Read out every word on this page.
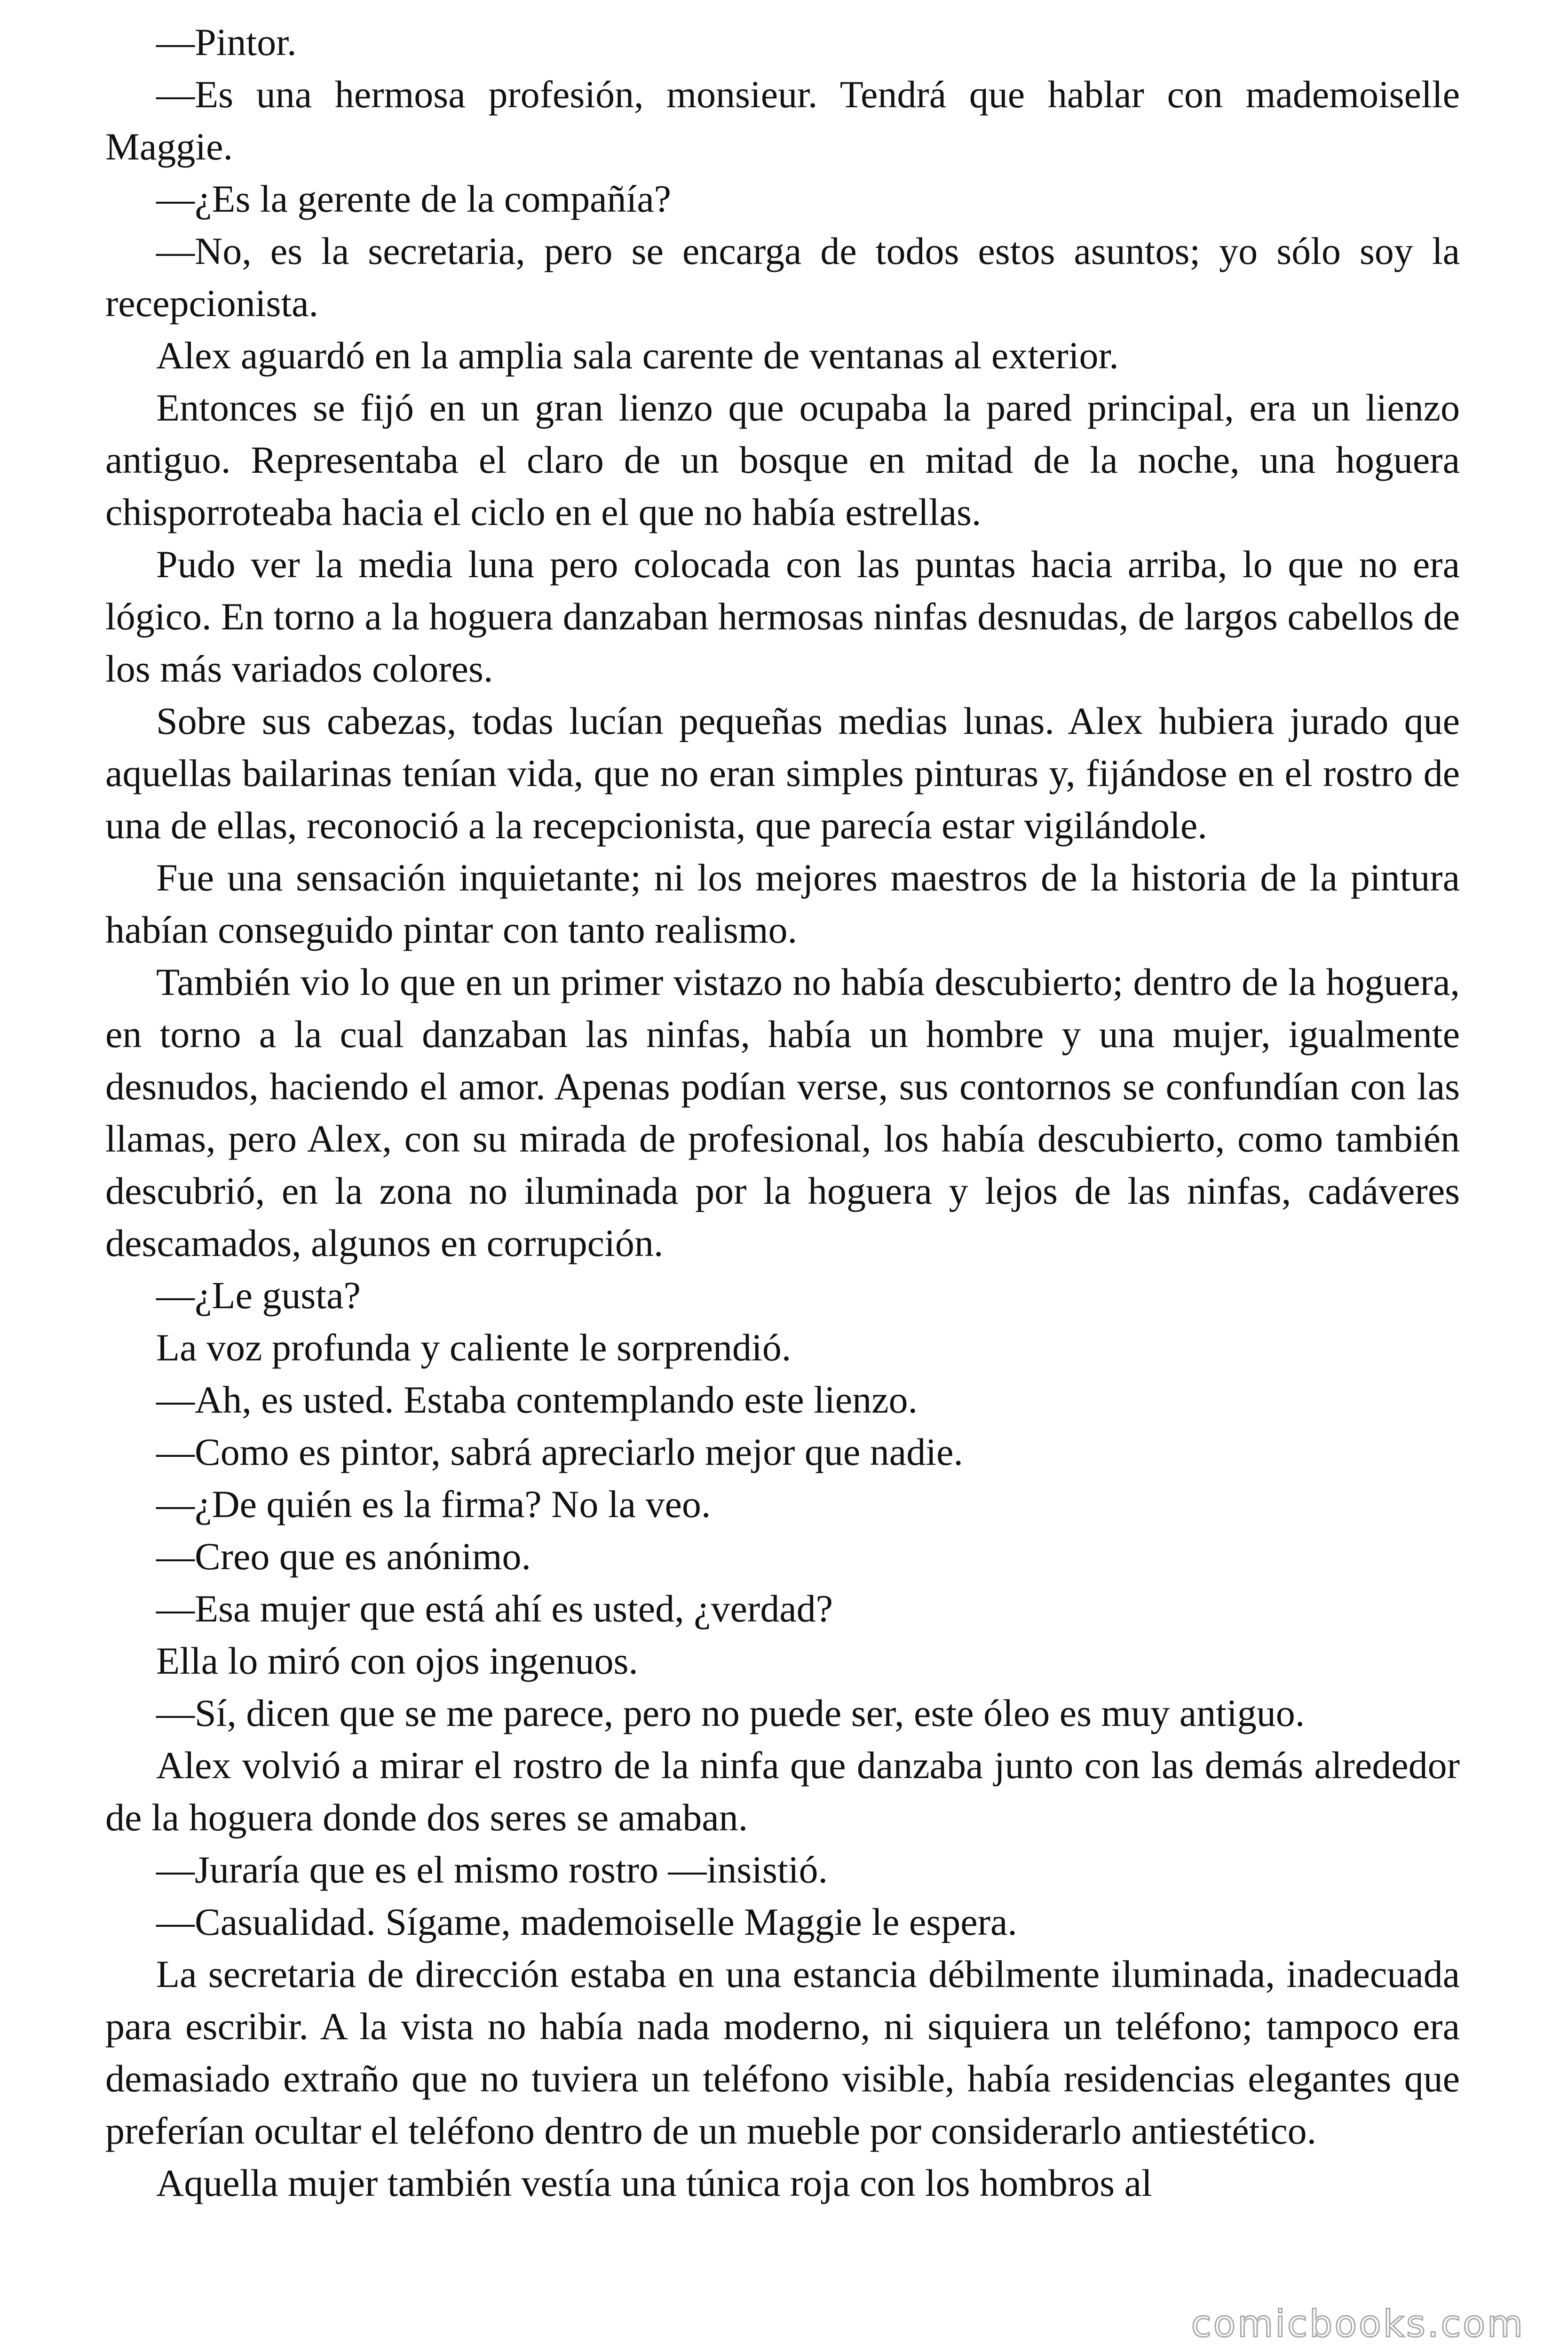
—Pintor.

—Es una hermosa profesión, monsieur. Tendrá que hablar con mademoiselle Maggie.

—¿Es la gerente de la compañía?

—No, es la secretaria, pero se encarga de todos estos asuntos; yo sólo soy la recepcionista.

Alex aguardó en la amplia sala carente de ventanas al exterior.

Entonces se fijó en un gran lienzo que ocupaba la pared principal, era un lienzo antiguo. Representaba el claro de un bosque en mitad de la noche, una hoguera chisporroteaba hacia el ciclo en el que no había estrellas.

Pudo ver la media luna pero colocada con las puntas hacia arriba, lo que no era lógico. En torno a la hoguera danzaban hermosas ninfas desnudas, de largos cabellos de los más variados colores.

Sobre sus cabezas, todas lucían pequeñas medias lunas. Alex hubiera jurado que aquellas bailarinas tenían vida, que no eran simples pinturas y, fijándose en el rostro de una de ellas, reconoció a la recepcionista, que parecía estar vigilándole.

Fue una sensación inquietante; ni los mejores maestros de la historia de la pintura habían conseguido pintar con tanto realismo.

También vio lo que en un primer vistazo no había descubierto; dentro de la hoguera, en torno a la cual danzaban las ninfas, había un hombre y una mujer, igualmente desnudos, haciendo el amor. Apenas podían verse, sus contornos se confundían con las llamas, pero Alex, con su mirada de profesional, los había descubierto, como también descubrió, en la zona no iluminada por la hoguera y lejos de las ninfas, cadáveres descamados, algunos en corrupción.

—¿Le gusta?

La voz profunda y caliente le sorprendió.

—Ah, es usted. Estaba contemplando este lienzo.

—Como es pintor, sabrá apreciarlo mejor que nadie.

—¿De quién es la firma? No la veo.

—Creo que es anónimo.

—Esa mujer que está ahí es usted, ¿verdad?

Ella lo miró con ojos ingenuos.

—Sí, dicen que se me parece, pero no puede ser, este óleo es muy antiguo.

Alex volvió a mirar el rostro de la ninfa que danzaba junto con las demás alrededor de la hoguera donde dos seres se amaban.

—Juraría que es el mismo rostro —insistió.

—Casualidad. Sígame, mademoiselle Maggie le espera.

La secretaria de dirección estaba en una estancia débilmente iluminada, inadecuada para escribir. A la vista no había nada moderno, ni siquiera un teléfono; tampoco era demasiado extraño que no tuviera un teléfono visible, había residencias elegantes que preferían ocultar el teléfono dentro de un mueble por considerarlo antiestético.

Aquella mujer también vestía una túnica roja con los hombros al

comicbooks.com
